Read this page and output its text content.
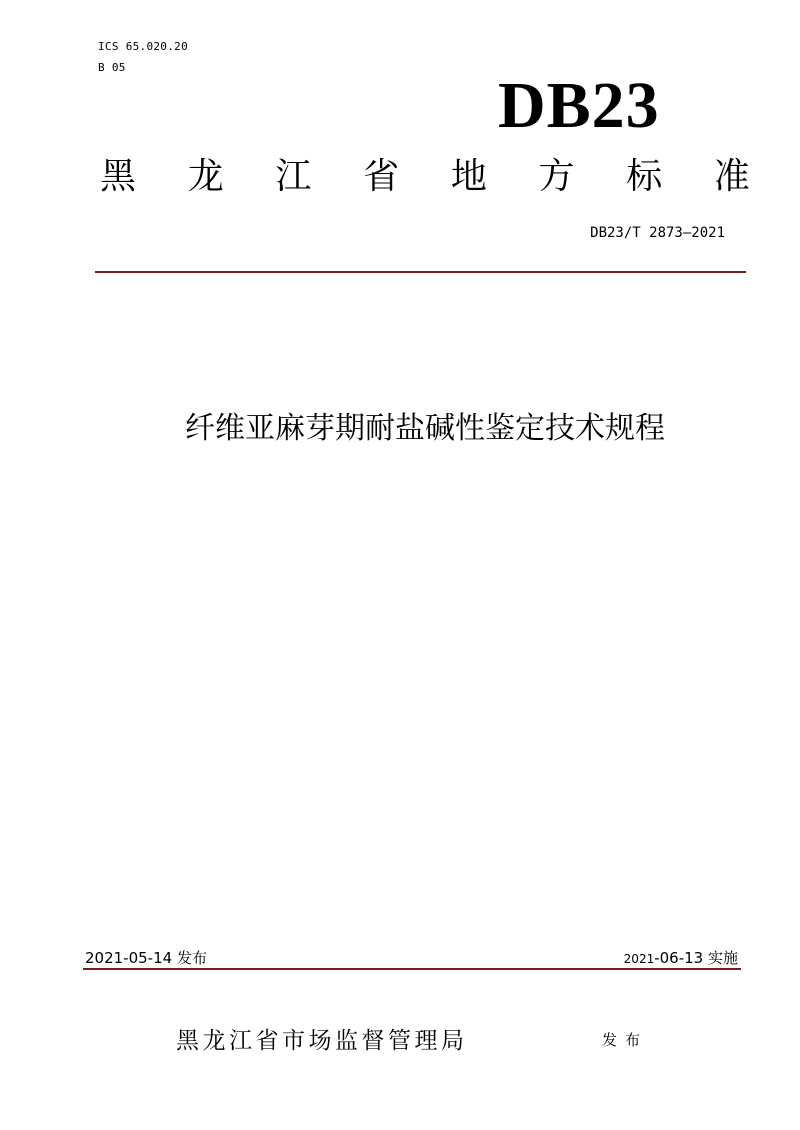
ICS 65.020.20
B 05
DB23
黑 龙 江 省 地 方 标 准
DB23/T 2873—2021
纤维亚麻芽期耐盐碱性鉴定技术规程
2021-05-14 发布	2021-06-13 实施
黑龙江省市场监督管理局	发布
